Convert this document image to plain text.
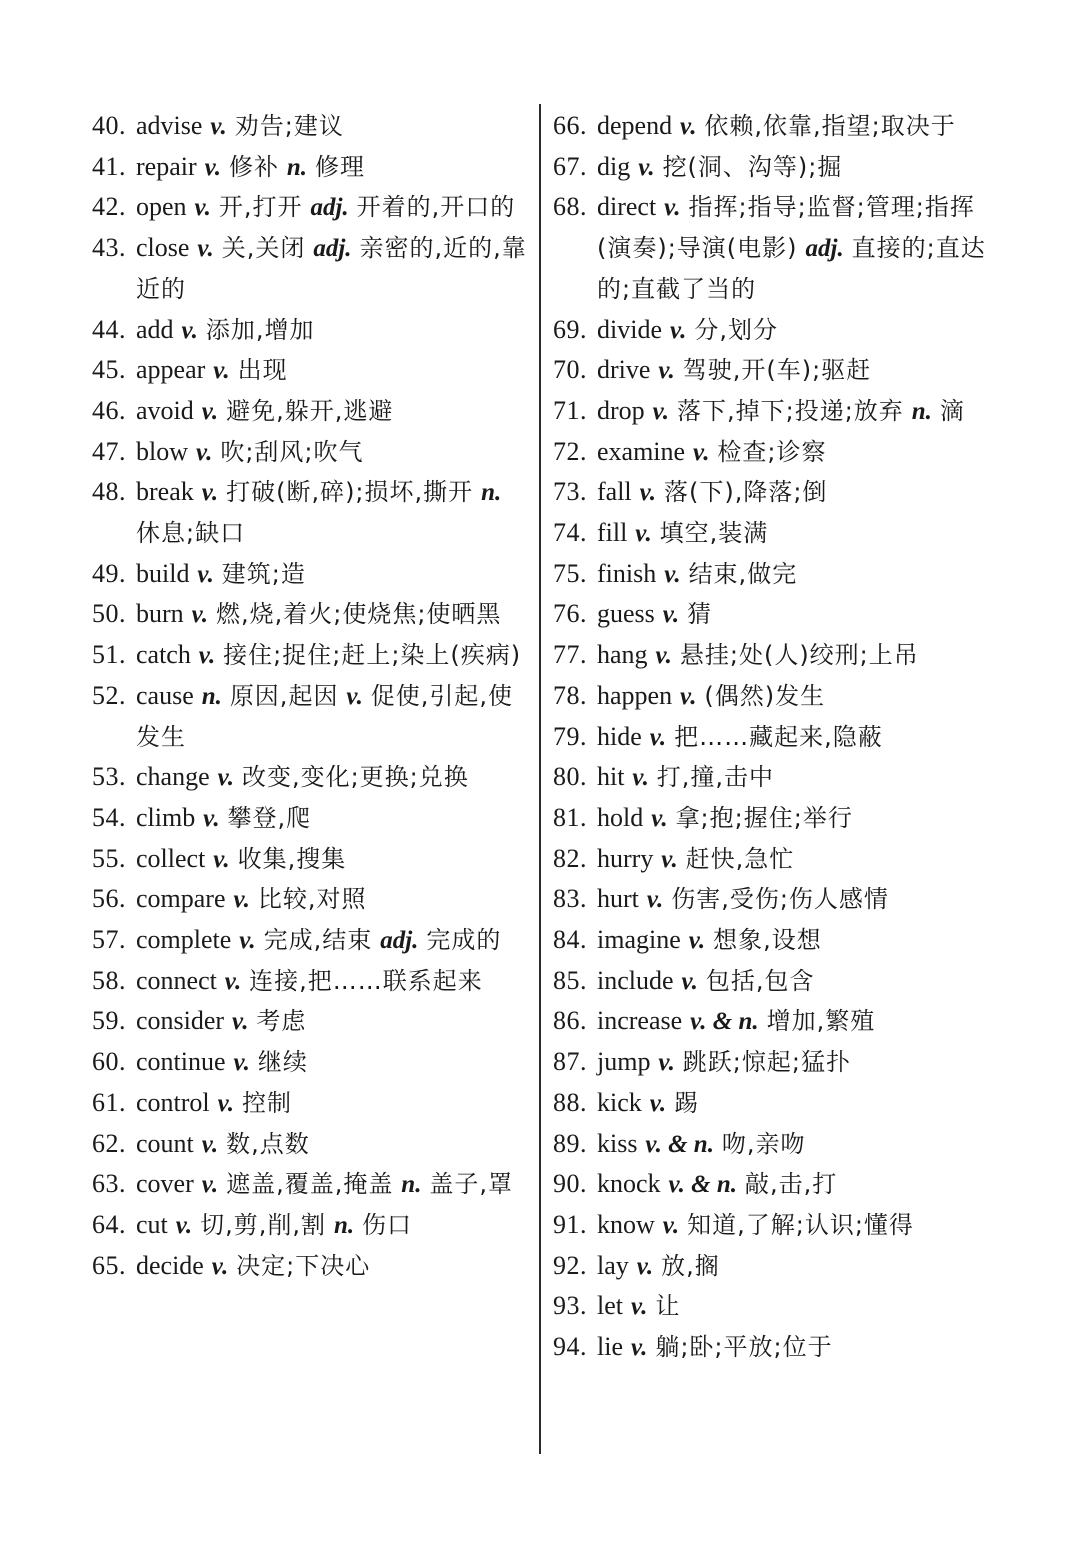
40. advise v. 劝告;建议
41. repair v. 修补 n. 修理
42. open v. 开,打开 adj. 开着的,开口的
43. close v. 关,关闭 adj. 亲密的,近的,靠近的
44. add v. 添加,增加
45. appear v. 出现
46. avoid v. 避免,躲开,逃避
47. blow v. 吹;刮风;吹气
48. break v. 打破(断,碎);损坏,撕开 n. 休息;缺口
49. build v. 建筑;造
50. burn v. 燃,烧,着火;使烧焦;使晒黑
51. catch v. 接住;捉住;赶上;染上(疾病)
52. cause n. 原因,起因 v. 促使,引起,使发生
53. change v. 改变,变化;更换;兑换
54. climb v. 攀登,爬
55. collect v. 收集,搜集
56. compare v. 比较,对照
57. complete v. 完成,结束 adj. 完成的
58. connect v. 连接,把……联系起来
59. consider v. 考虑
60. continue v. 继续
61. control v. 控制
62. count v. 数,点数
63. cover v. 遮盖,覆盖,掩盖 n. 盖子,罩
64. cut v. 切,剪,削,割 n. 伤口
65. decide v. 决定;下决心
66. depend v. 依赖,依靠,指望;取决于
67. dig v. 挖(洞、沟等);掘
68. direct v. 指挥;指导;监督;管理;指挥(演奏);导演(电影) adj. 直接的;直达的;直截了当的
69. divide v. 分,划分
70. drive v. 驾驶,开(车);驱赶
71. drop v. 落下,掉下;投递;放弃 n. 滴
72. examine v. 检查;诊察
73. fall v. 落(下),降落;倒
74. fill v. 填空,装满
75. finish v. 结束,做完
76. guess v. 猜
77. hang v. 悬挂;处(人)绞刑;上吊
78. happen v. (偶然)发生
79. hide v. 把……藏起来,隐蔽
80. hit v. 打,撞,击中
81. hold v. 拿;抱;握住;举行
82. hurry v. 赶快,急忙
83. hurt v. 伤害,受伤;伤人感情
84. imagine v. 想象,设想
85. include v. 包括,包含
86. increase v. & n. 增加,繁殖
87. jump v. 跳跃;惊起;猛扑
88. kick v. 踢
89. kiss v. & n. 吻,亲吻
90. knock v. & n. 敲,击,打
91. know v. 知道,了解;认识;懂得
92. lay v. 放,搁
93. let v. 让
94. lie v. 躺;卧;平放;位于
